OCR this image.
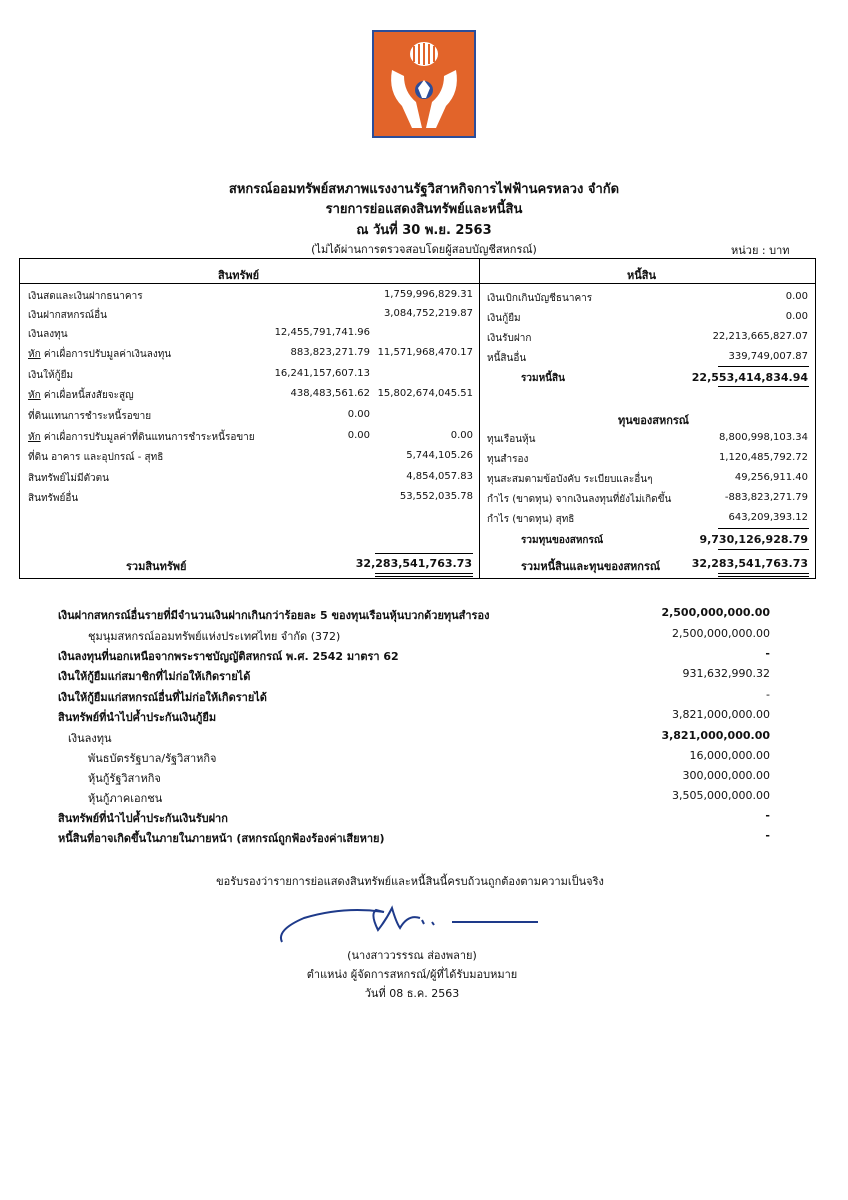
สหกรณ์ออมทรัพย์สหภาพแรงงานรัฐวิสาหกิจการไฟฟ้านครหลวง จำกัด
รายการย่อแสดงสินทรัพย์และหนี้สิน
ณ วันที่ 30 พ.ย. 2563
(ไม่ได้ผ่านการตรวจสอบโดยผู้สอบบัญชีสหกรณ์)	หน่วย : บาท
สินทรัพย์	หนี้สิน
เงินสดและเงินฝากธนาคาร	1,759,996,829.31
เงินฝากสหกรณ์อื่น	3,084,752,219.87
เงินลงทุน	12,455,791,741.96
หัก ค่าเผื่อการปรับมูลค่าเงินลงทุน	883,823,271.79 11,571,968,470.17
เงินให้กู้ยืม	16,241,157,607.13
หัก ค่าเผื่อหนี้สงสัยจะสูญ	438,483,561.62 15,802,674,045.51
ที่ดินแทนการชำระหนี้รอขาย	0.00
หัก ค่าเผื่อการปรับมูลค่าที่ดินแทนการชำระหนี้รอขาย	0.00	0.00
ที่ดิน อาคาร และอุปกรณ์ - สุทธิ	5,744,105.26
สินทรัพย์ไม่มีตัวตน	4,854,057.83
สินทรัพย์อื่น	53,552,035.78
รวมสินทรัพย์	32,283,541,763.73
เงินเบิกเกินบัญชีธนาคาร	0.00
เงินกู้ยืม	0.00
เงินรับฝาก	22,213,665,827.07
หนี้สินอื่น	339,749,007.87
รวมหนี้สิน	22,553,414,834.94
ทุนของสหกรณ์
ทุนเรือนหุ้น	8,800,998,103.34
ทุนสำรอง	1,120,485,792.72
ทุนสะสมตามข้อบังคับ ระเบียบและอื่นๆ	49,256,911.40
กำไร (ขาดทุน) จากเงินลงทุนที่ยังไม่เกิดขึ้น	-883,823,271.79
กำไร (ขาดทุน) สุทธิ	643,209,393.12
รวมทุนของสหกรณ์	9,730,126,928.79
รวมหนี้สินและทุนของสหกรณ์	32,283,541,763.73
เงินฝากสหกรณ์อื่นรายที่มีจำนวนเงินฝากเกินกว่าร้อยละ 5 ของทุนเรือนหุ้นบวกด้วยทุนสำรอง	2,500,000,000.00
ชุมนุมสหกรณ์ออมทรัพย์แห่งประเทศไทย จำกัด (372)	2,500,000,000.00
เงินลงทุนที่นอกเหนือจากพระราชบัญญัติสหกรณ์ พ.ศ. 2542 มาตรา 62	-
เงินให้กู้ยืมแก่สมาชิกที่ไม่ก่อให้เกิดรายได้	931,632,990.32
เงินให้กู้ยืมแก่สหกรณ์อื่นที่ไม่ก่อให้เกิดรายได้	-
สินทรัพย์ที่นำไปค้ำประกันเงินกู้ยืม	3,821,000,000.00
เงินลงทุน	3,821,000,000.00
พันธบัตรรัฐบาล/รัฐวิสาหกิจ	16,000,000.00
หุ้นกู้รัฐวิสาหกิจ	300,000,000.00
หุ้นกู้ภาคเอกชน	3,505,000,000.00
สินทรัพย์ที่นำไปค้ำประกันเงินรับฝาก	-
หนี้สินที่อาจเกิดขึ้นในภายในภายหน้า (สหกรณ์ถูกฟ้องร้องค่าเสียหาย)	-
ขอรับรองว่ารายการย่อแสดงสินทรัพย์และหนี้สินนี้ครบถ้วนถูกต้องตามความเป็นจริง
(นางสาววรรรณ ส่องพลาย)
ตำแหน่ง ผู้จัดการสหกรณ์/ผู้ที่ได้รับมอบหมาย
วันที่ 08 ธ.ค. 2563
